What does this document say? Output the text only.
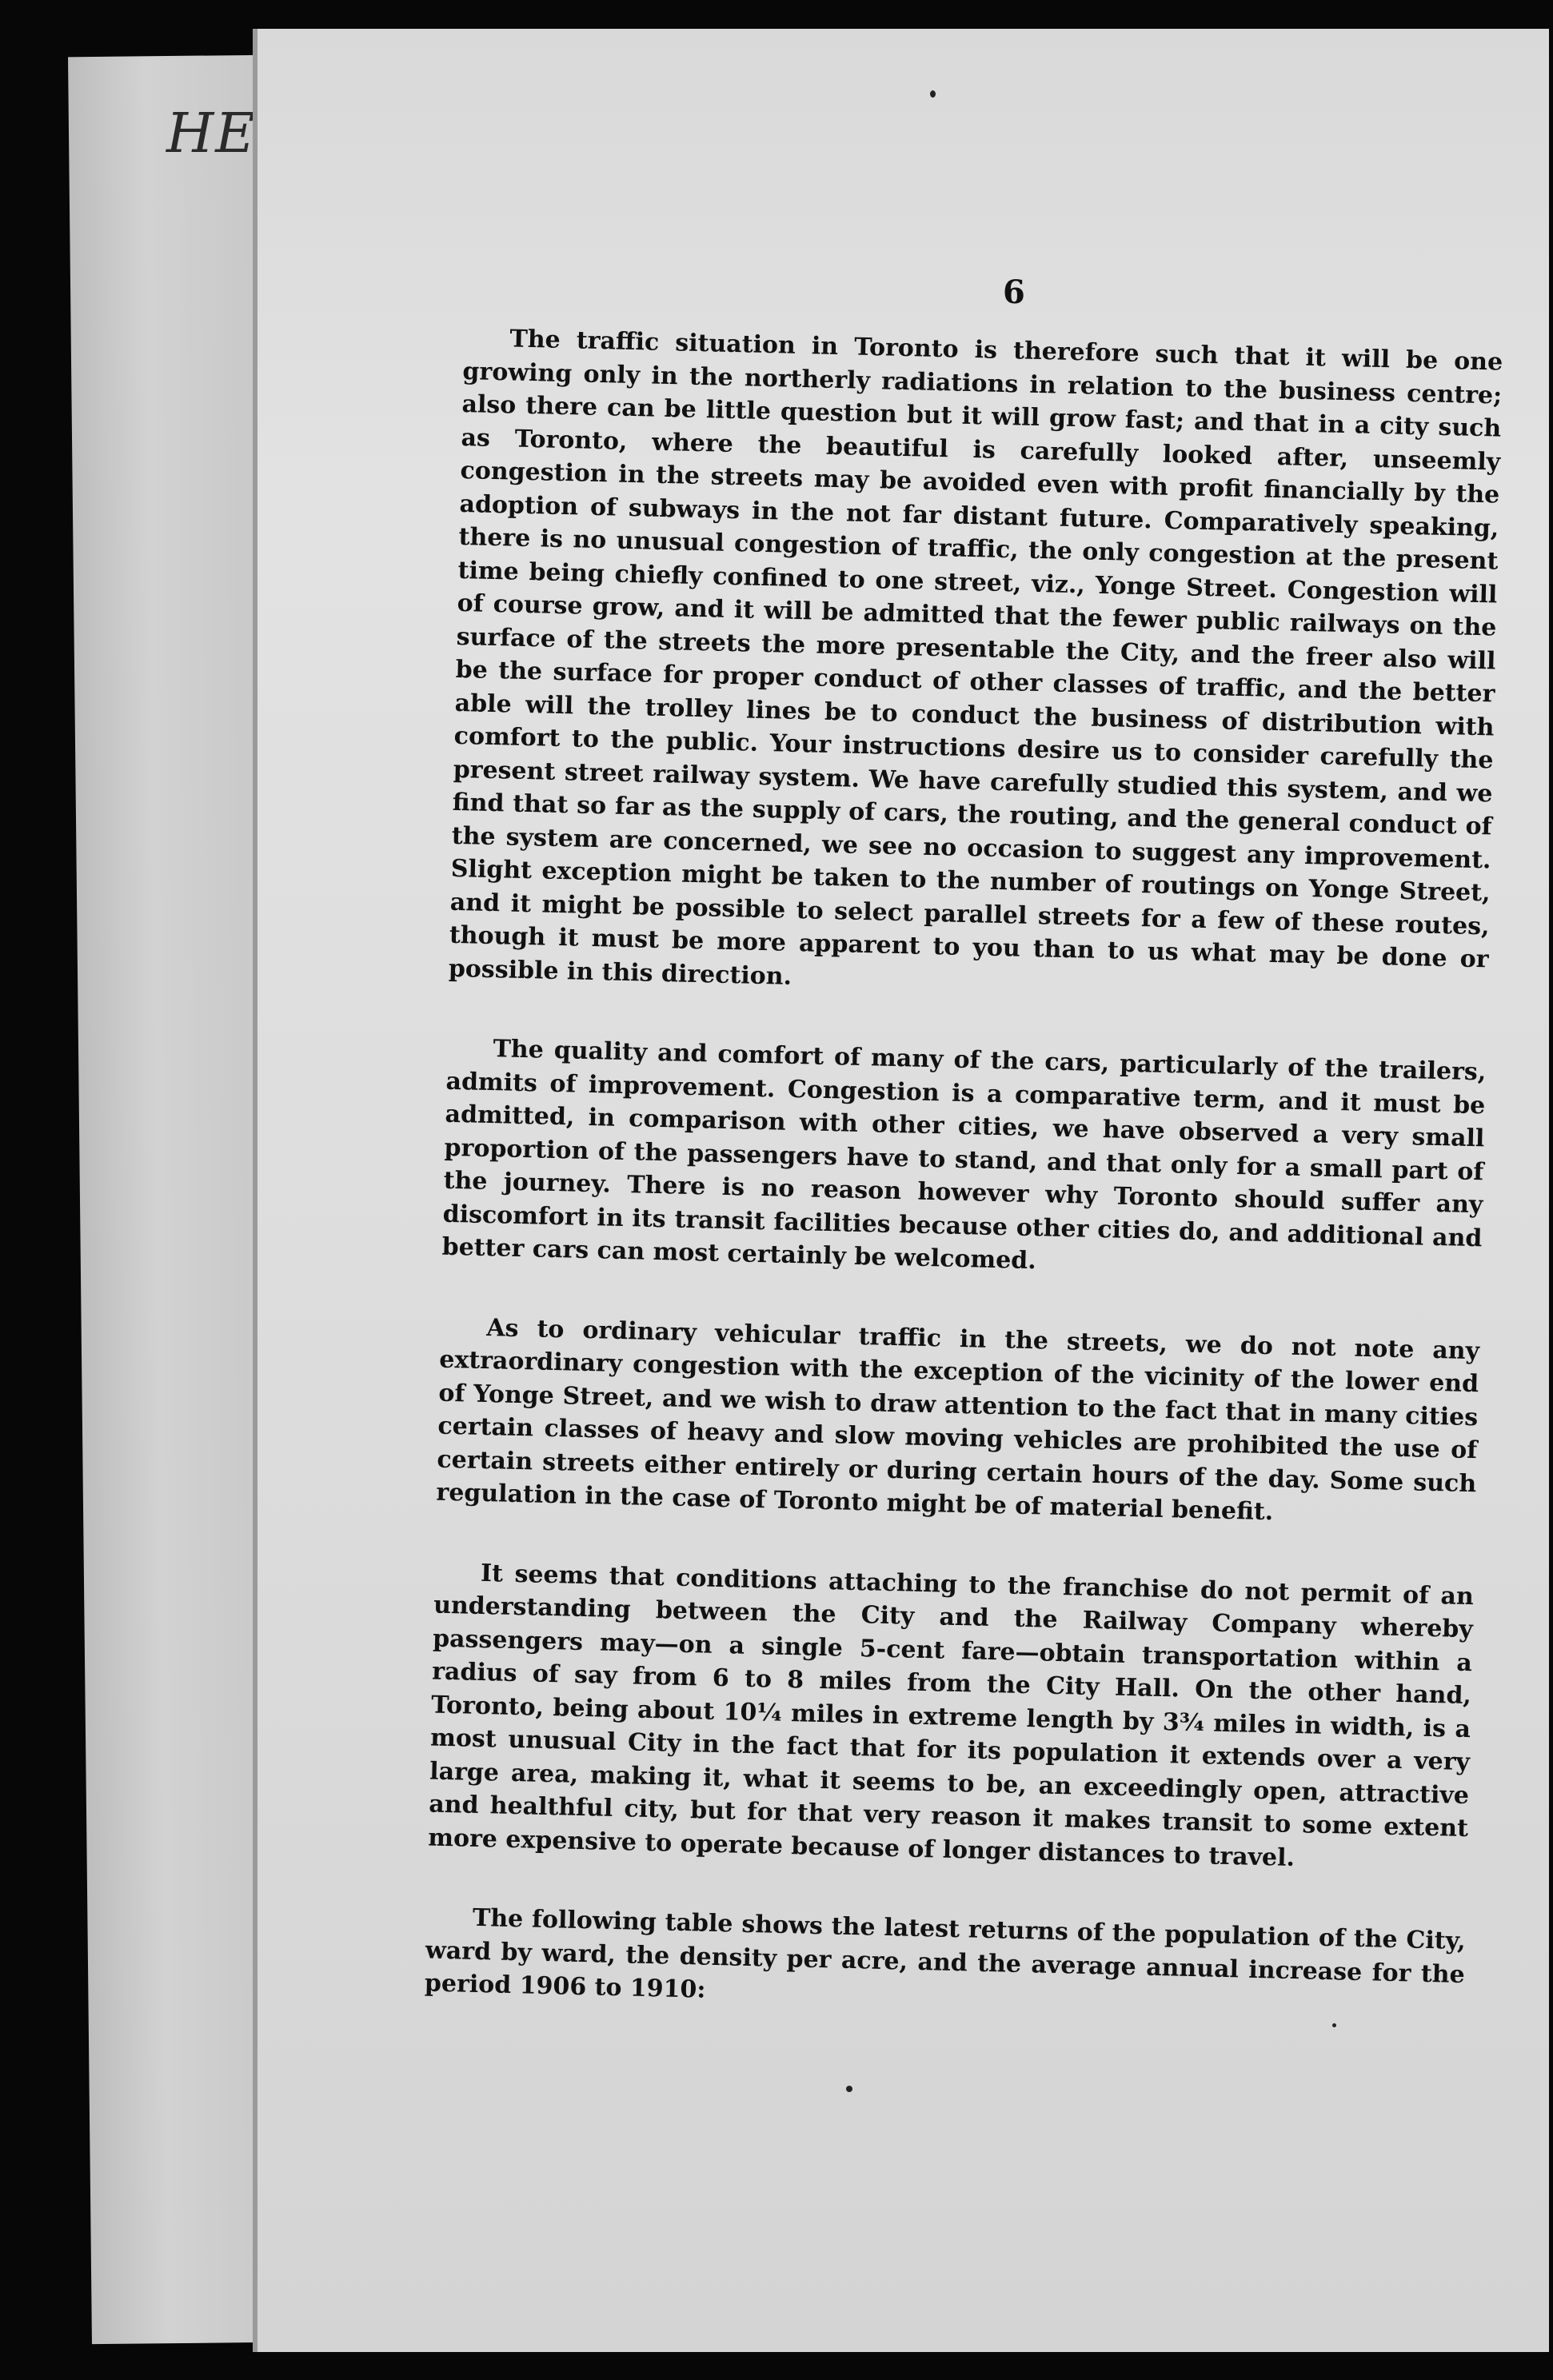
HE
6

The traffic situation in Toronto is therefore such that it will be one growing only in the northerly radiations in relation to the business centre; also there can be little question but it will grow fast; and that in a city such as Toronto, where the beautiful is carefully looked after, unseemly congestion in the streets may be avoided even with profit financially by the adoption of subways in the not far distant future. Comparatively speaking, there is no unusual congestion of traffic, the only congestion at the present time being chiefly confined to one street, viz., Yonge Street. Congestion will of course grow, and it will be admitted that the fewer public railways on the surface of the streets the more presentable the City, and the freer also will be the surface for proper conduct of other classes of traffic, and the better able will the trolley lines be to conduct the business of distribution with comfort to the public. Your instructions desire us to consider carefully the present street railway system. We have carefully studied this system, and we find that so far as the supply of cars, the routing, and the general conduct of the system are concerned, we see no occasion to suggest any improvement. Slight exception might be taken to the number of routings on Yonge Street, and it might be possible to select parallel streets for a few of these routes, though it must be more apparent to you than to us what may be done or possible in this direction.

The quality and comfort of many of the cars, particularly of the trailers, admits of improvement. Congestion is a comparative term, and it must be admitted, in comparison with other cities, we have observed a very small proportion of the passengers have to stand, and that only for a small part of the journey. There is no reason however why Toronto should suffer any discomfort in its transit facilities because other cities do, and additional and better cars can most certainly be welcomed.

As to ordinary vehicular traffic in the streets, we do not note any extraordinary congestion with the exception of the vicinity of the lower end of Yonge Street, and we wish to draw attention to the fact that in many cities certain classes of heavy and slow moving vehicles are prohibited the use of certain streets either entirely or during certain hours of the day. Some such regulation in the case of Toronto might be of material benefit.

It seems that conditions attaching to the franchise do not permit of an understanding between the City and the Railway Company whereby passengers may—on a single 5-cent fare—obtain transportation within a radius of say from 6 to 8 miles from the City Hall. On the other hand, Toronto, being about 10¼ miles in extreme length by 3¾ miles in width, is a most unusual City in the fact that for its population it extends over a very large area, making it, what it seems to be, an exceedingly open, attractive and healthful city, but for that very reason it makes transit to some extent more expensive to operate because of longer distances to travel.

The following table shows the latest returns of the population of the City, ward by ward, the density per acre, and the average annual increase for the period 1906 to 1910:
